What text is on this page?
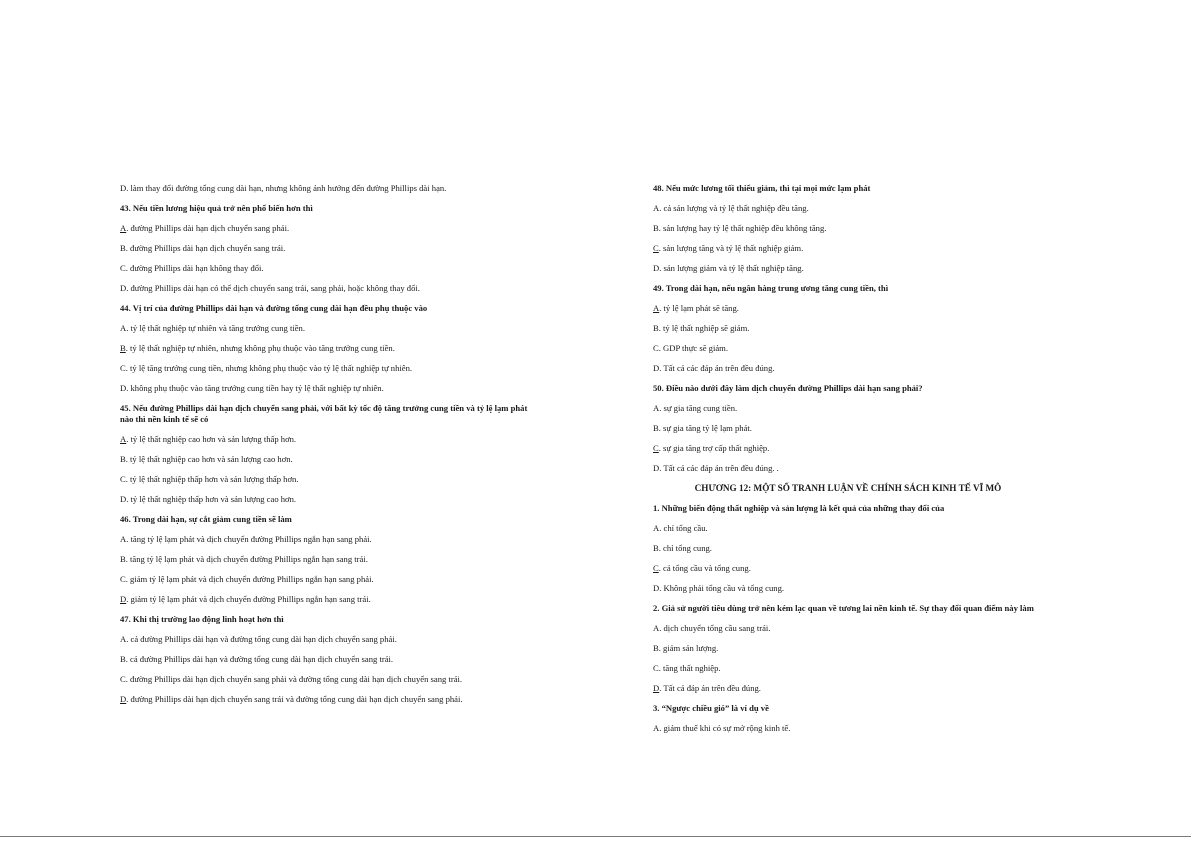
D. làm thay đổi đường tổng cung dài hạn, nhưng không ảnh hưởng đến đường Phillips dài hạn.
43. Nếu tiền lương hiệu quả trở nên phổ biến hơn thì
A. đường Phillips dài hạn dịch chuyển sang phải.
B. đường Phillips dài hạn dịch chuyển sang trái.
C. đường Phillips dài hạn không thay đổi.
D. đường Phillips dài hạn có thể dịch chuyển sang trái, sang phải, hoặc không thay đổi.
44. Vị trí của đường Phillips dài hạn và đường tổng cung dài hạn đều phụ thuộc vào
A. tỷ lệ thất nghiệp tự nhiên và tăng trưởng cung tiền.
B. tỷ lệ thất nghiệp tự nhiên, nhưng không phụ thuộc vào tăng trưởng cung tiền.
C. tỷ lệ tăng trưởng cung tiền, nhưng không phụ thuộc vào tỷ lệ thất nghiệp tự nhiên.
D. không phụ thuộc vào tăng trưởng cung tiền hay tỷ lệ thất nghiệp tự nhiên.
45. Nếu đường Phillips dài hạn dịch chuyển sang phải, với bất kỳ tốc độ tăng trưởng cung tiền và tỷ lệ lạm phát nào thì nền kinh tế sẽ có
A. tỷ lệ thất nghiệp cao hơn và sản lượng thấp hơn.
B. tỷ lệ thất nghiệp cao hơn và sản lượng cao hơn.
C. tỷ lệ thất nghiệp thấp hơn và sản lượng thấp hơn.
D. tỷ lệ thất nghiệp thấp hơn và sản lượng cao hơn.
46. Trong dài hạn, sự cắt giảm cung tiền sẽ làm
A. tăng tỷ lệ lạm phát và dịch chuyển đường Phillips ngắn hạn sang phải.
B. tăng tỷ lệ lạm phát và dịch chuyển đường Phillips ngắn hạn sang trái.
C. giảm tỷ lệ lạm phát và dịch chuyển đường Phillips ngắn hạn sang phải.
D. giảm tỷ lệ lạm phát và dịch chuyển đường Phillips ngắn hạn sang trái.
47. Khi thị trường lao động linh hoạt hơn thì
A. cả đường Phillips dài hạn và đường tổng cung dài hạn dịch chuyển sang phải.
B. cả đường Phillips dài hạn và đường tổng cung dài hạn dịch chuyển sang trái.
C. đường Phillips dài hạn dịch chuyển sang phải và đường tổng cung dài hạn dịch chuyển sang trái.
D. đường Phillips dài hạn dịch chuyển sang trái và đường tổng cung dài hạn dịch chuyển sang phải.
48. Nếu mức lương tối thiểu giảm, thì tại mọi mức lạm phát
A. cả sản lượng và tỷ lệ thất nghiệp đều tăng.
B. sản lượng hay tỷ lệ thất nghiệp đều không tăng.
C. sản lượng tăng và tỷ lệ thất nghiệp giảm.
D. sản lượng giảm và tỷ lệ thất nghiệp tăng.
49. Trong dài hạn, nếu ngân hàng trung ương tăng cung tiền, thì
A. tỷ lệ lạm phát sẽ tăng.
B. tỷ lệ thất nghiệp sẽ giảm.
C. GDP thực sẽ giảm.
D. Tất cả các đáp án trên đều đúng.
50. Điều nào dưới đây làm dịch chuyển đường Phillips dài hạn sang phải?
A. sự gia tăng cung tiền.
B. sự gia tăng tỷ lệ lạm phát.
C. sự gia tăng trợ cấp thất nghiệp.
D. Tất cả các đáp án trên đều đúng. .
CHƯƠNG 12: MỘT SỐ TRANH LUẬN VỀ CHÍNH SÁCH KINH TẾ VĨ MÔ
1. Những biến động thất nghiệp và sản lượng là kết quả của những thay đổi của
A. chỉ tổng cầu.
B. chỉ tổng cung.
C. cả tổng cầu và tổng cung.
D. Không phải tổng cầu và tổng cung.
2. Giả sử người tiêu dùng trở nên kém lạc quan về tương lai nền kinh tế. Sự thay đổi quan điểm này làm
A. dịch chuyển tổng cầu sang trái.
B. giảm sản lượng.
C. tăng thất nghiệp.
D. Tất cả đáp án trên đều đúng.
3. “Ngược chiều gió” là ví dụ về
A. giảm thuế khi có sự mở rộng kinh tế.
